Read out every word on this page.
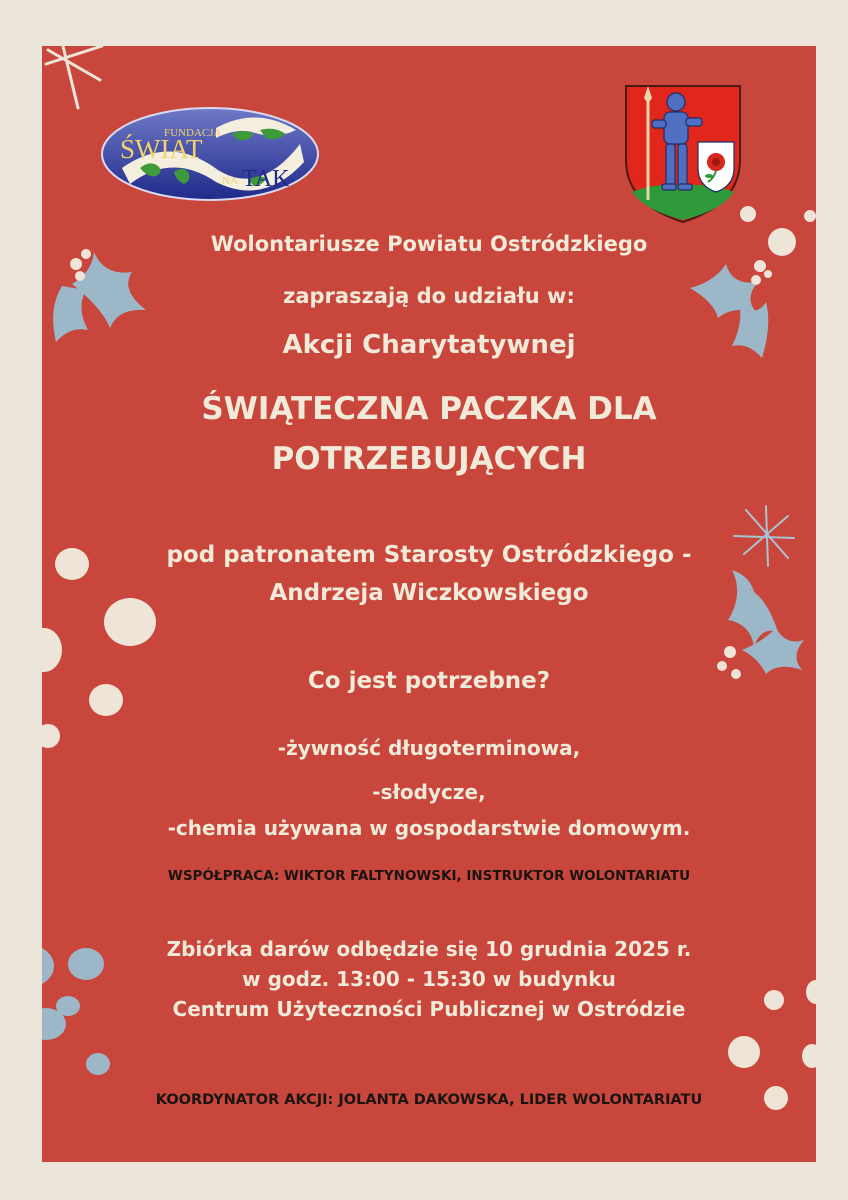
FUNDACJA
ŚWIAT
NA TAK

Wolontariusze Powiatu Ostródzkiego

zapraszają do udziału w:

Akcji Charytatywnej

ŚWIĄTECZNA PACZKA DLA
POTRZEBUJĄCYCH
pod patronatem Starosty Ostródzkiego -
Andrzeja Wiczkowskiego

Co jest potrzebne?

-żywność długoterminowa,
-słodycze,
-chemia używana w gospodarstwie domowym.

WSPÓŁPRACA: WIKTOR FALTYNOWSKI, INSTRUKTOR WOLONTARIATU

Zbiórka darów odbędzie się 10 grudnia 2025 r.
w godz. 13:00 - 15:30 w budynku
Centrum Użyteczności Publicznej w Ostródzie

KOORDYNATOR AKCJI: JOLANTA DAKOWSKA, LIDER WOLONTARIATU
